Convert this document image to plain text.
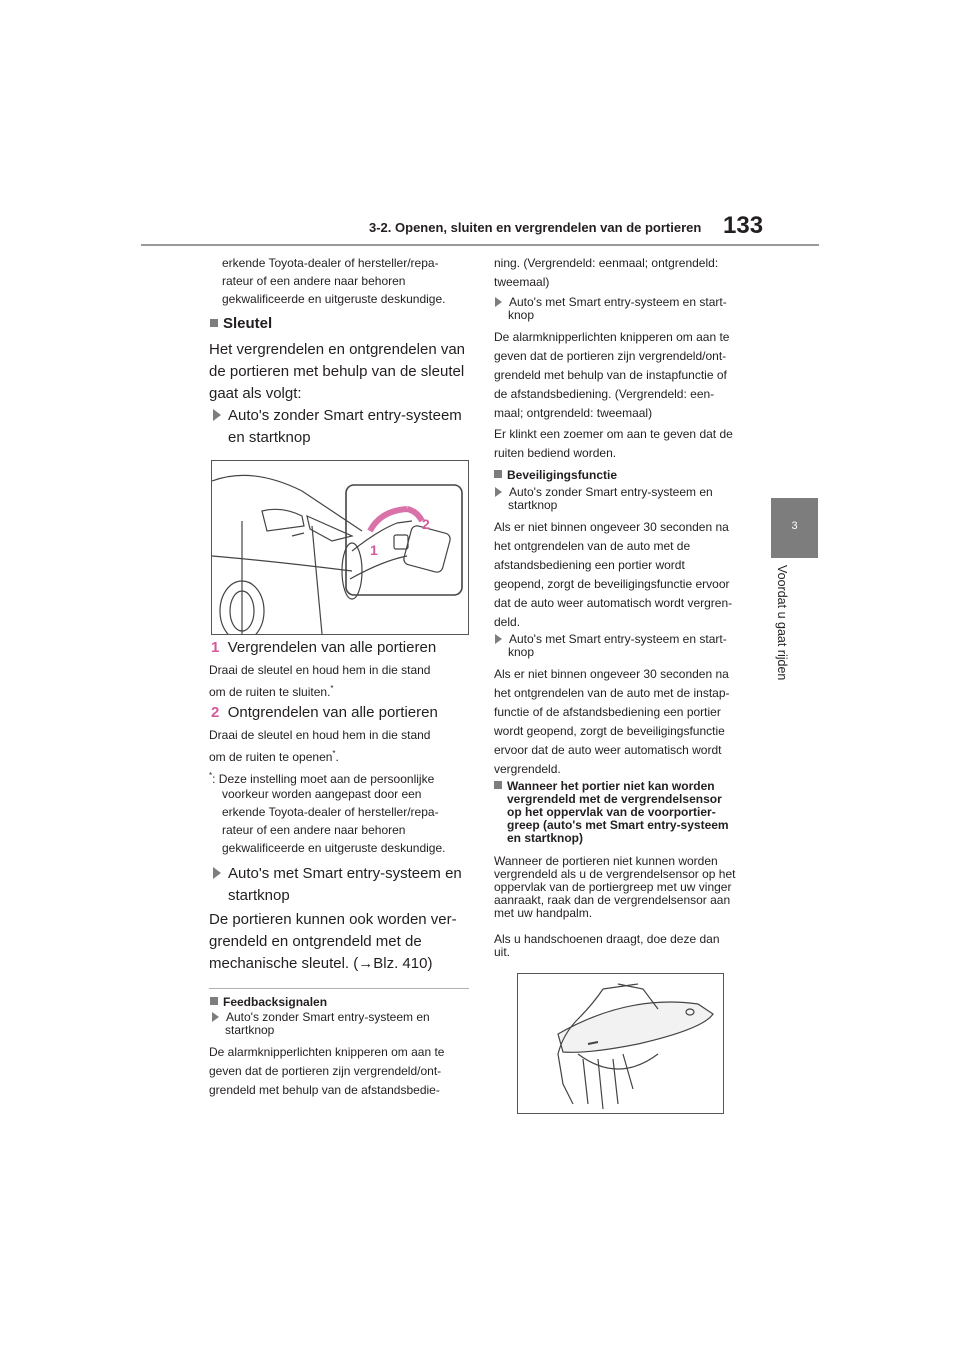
3-2. Openen, sluiten en vergrendelen van de portieren 133
3
Voordat u gaat rijden
erkende Toyota-dealer of hersteller/repa-
rateur of een andere naar behoren
gekwalificeerde en uitgeruste deskundige.
Sleutel
Het vergrendelen en ontgrendelen van
de portieren met behulp van de sleutel
gaat als volgt:
Auto's zonder Smart entry-systeem
en startknop
2
1
1 Vergrendelen van alle portieren
Draai de sleutel en houd hem in die stand
om de ruiten te sluiten.*
2 Ontgrendelen van alle portieren
Draai de sleutel en houd hem in die stand
om de ruiten te openen*.
*: Deze instelling moet aan de persoonlijke
voorkeur worden aangepast door een
erkende Toyota-dealer of hersteller/repa-
rateur of een andere naar behoren
gekwalificeerde en uitgeruste deskundige.
Auto's met Smart entry-systeem en
startknop
De portieren kunnen ook worden ver-
grendeld en ontgrendeld met de
mechanische sleutel. (→Blz. 410)
Feedbacksignalen
Auto's zonder Smart entry-systeem en
startknop
De alarmknipperlichten knipperen om aan te
geven dat de portieren zijn vergrendeld/ont-
grendeld met behulp van de afstandsbedie-
ning. (Vergrendeld: eenmaal; ontgrendeld:
tweemaal)
Auto's met Smart entry-systeem en start-
knop
De alarmknipperlichten knipperen om aan te
geven dat de portieren zijn vergrendeld/ont-
grendeld met behulp van de instapfunctie of
de afstandsbediening. (Vergrendeld: een-
maal; ontgrendeld: tweemaal)
Er klinkt een zoemer om aan te geven dat de
ruiten bediend worden.
Beveiligingsfunctie
Auto's zonder Smart entry-systeem en
startknop
Als er niet binnen ongeveer 30 seconden na
het ontgrendelen van de auto met de
afstandsbediening een portier wordt
geopend, zorgt de beveiligingsfunctie ervoor
dat de auto weer automatisch wordt vergren-
deld.
Auto's met Smart entry-systeem en start-
knop
Als er niet binnen ongeveer 30 seconden na
het ontgrendelen van de auto met de instap-
functie of de afstandsbediening een portier
wordt geopend, zorgt de beveiligingsfunctie
ervoor dat de auto weer automatisch wordt
vergrendeld.
Wanneer het portier niet kan worden
vergrendeld met de vergrendelsensor
op het oppervlak van de voorportier-
greep (auto's met Smart entry-systeem
en startknop)
Wanneer de portieren niet kunnen worden
vergrendeld als u de vergrendelsensor op het
oppervlak van de portiergreep met uw vinger
aanraakt, raak dan de vergrendelsensor aan
met uw handpalm.
Als u handschoenen draagt, doe deze dan
uit.
